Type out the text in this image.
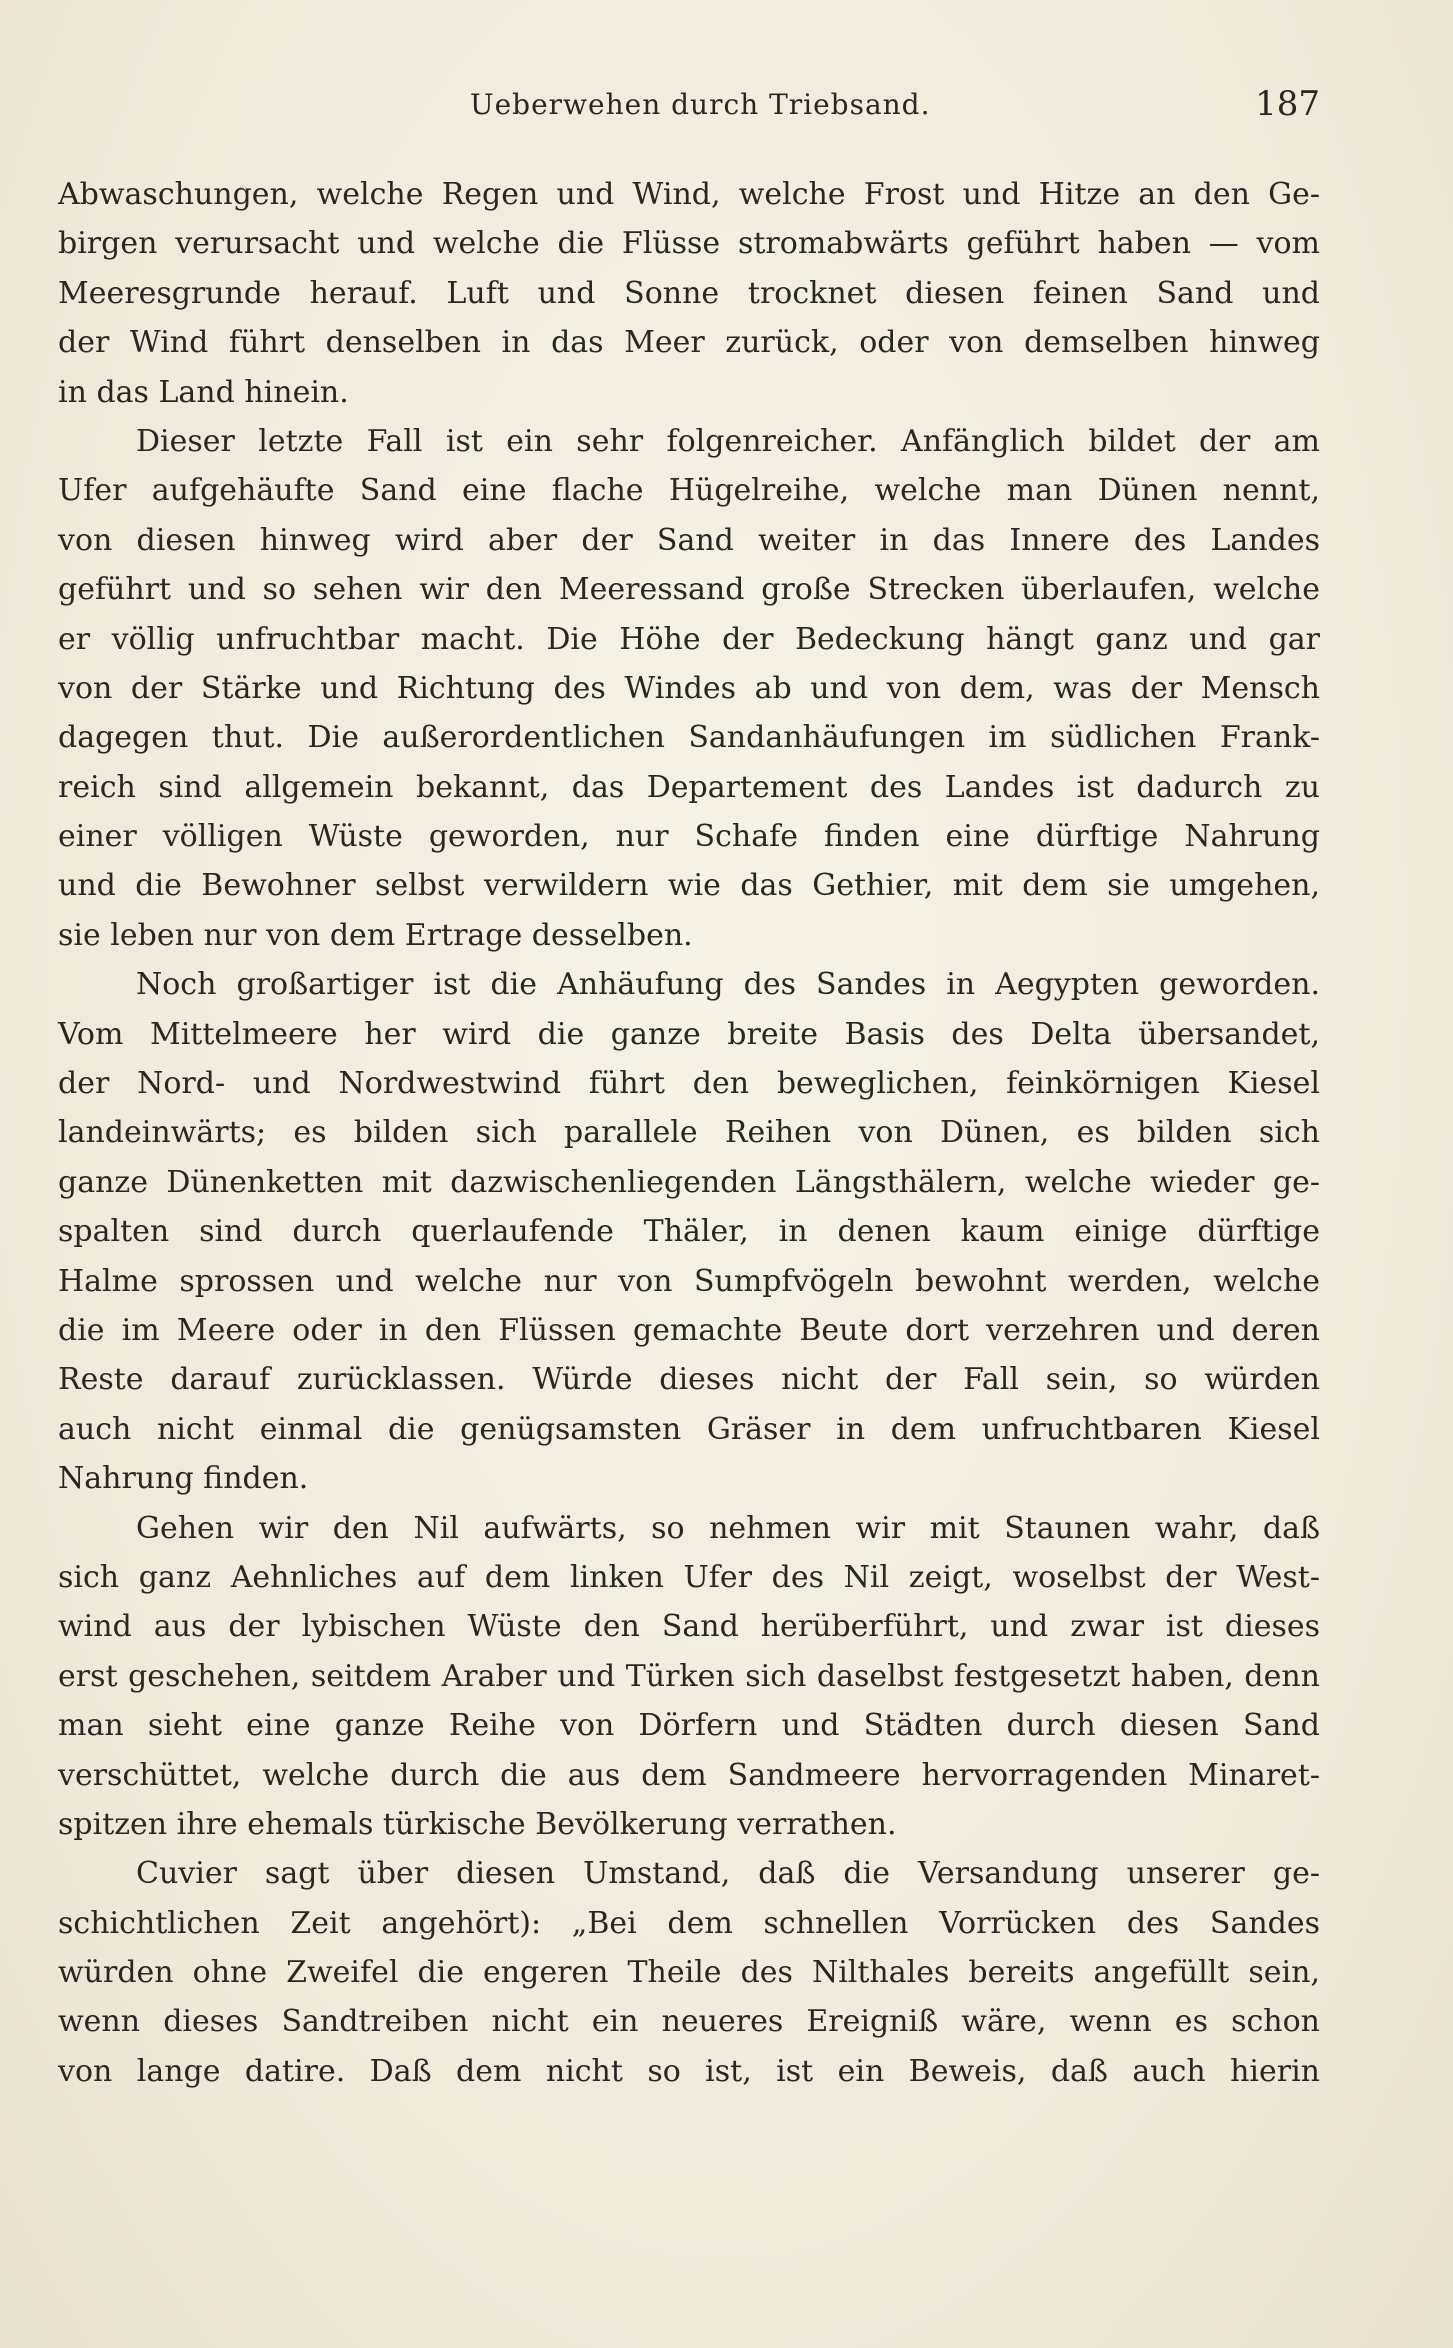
Ueberwehen durch Triebsand.	187
Abwaschungen, welche Regen und Wind, welche Frost und Hitze an den Ge-
birgen verursacht und welche die Flüsse stromabwärts geführt haben — vom
Meeresgrunde herauf. Luft und Sonne trocknet diesen feinen Sand und
der Wind führt denselben in das Meer zurück, oder von demselben hinweg
in das Land hinein.
Dieser letzte Fall ist ein sehr folgenreicher. Anfänglich bildet der am
Ufer aufgehäufte Sand eine flache Hügelreihe, welche man Dünen nennt,
von diesen hinweg wird aber der Sand weiter in das Innere des Landes
geführt und so sehen wir den Meeressand große Strecken überlaufen, welche
er völlig unfruchtbar macht. Die Höhe der Bedeckung hängt ganz und gar
von der Stärke und Richtung des Windes ab und von dem, was der Mensch
dagegen thut. Die außerordentlichen Sandanhäufungen im südlichen Frank-
reich sind allgemein bekannt, das Departement des Landes ist dadurch zu
einer völligen Wüste geworden, nur Schafe finden eine dürftige Nahrung
und die Bewohner selbst verwildern wie das Gethier, mit dem sie umgehen,
sie leben nur von dem Ertrage desselben.
Noch großartiger ist die Anhäufung des Sandes in Aegypten geworden.
Vom Mittelmeere her wird die ganze breite Basis des Delta übersandet,
der Nord- und Nordwestwind führt den beweglichen, feinkörnigen Kiesel
landeinwärts; es bilden sich parallele Reihen von Dünen, es bilden sich
ganze Dünenketten mit dazwischenliegenden Längsthälern, welche wieder ge-
spalten sind durch querlaufende Thäler, in denen kaum einige dürftige
Halme sprossen und welche nur von Sumpfvögeln bewohnt werden, welche
die im Meere oder in den Flüssen gemachte Beute dort verzehren und deren
Reste darauf zurücklassen. Würde dieses nicht der Fall sein, so würden
auch nicht einmal die genügsamsten Gräser in dem unfruchtbaren Kiesel
Nahrung finden.
Gehen wir den Nil aufwärts, so nehmen wir mit Staunen wahr, daß
sich ganz Aehnliches auf dem linken Ufer des Nil zeigt, woselbst der West-
wind aus der lybischen Wüste den Sand herüberführt, und zwar ist dieses
erst geschehen, seitdem Araber und Türken sich daselbst festgesetzt haben, denn
man sieht eine ganze Reihe von Dörfern und Städten durch diesen Sand
verschüttet, welche durch die aus dem Sandmeere hervorragenden Minaret-
spitzen ihre ehemals türkische Bevölkerung verrathen.
Cuvier sagt über diesen Umstand, daß die Versandung unserer ge-
schichtlichen Zeit angehört): „Bei dem schnellen Vorrücken des Sandes
würden ohne Zweifel die engeren Theile des Nilthales bereits angefüllt sein,
wenn dieses Sandtreiben nicht ein neueres Ereigniß wäre, wenn es schon
von lange datire. Daß dem nicht so ist, ist ein Beweis, daß auch hierin
